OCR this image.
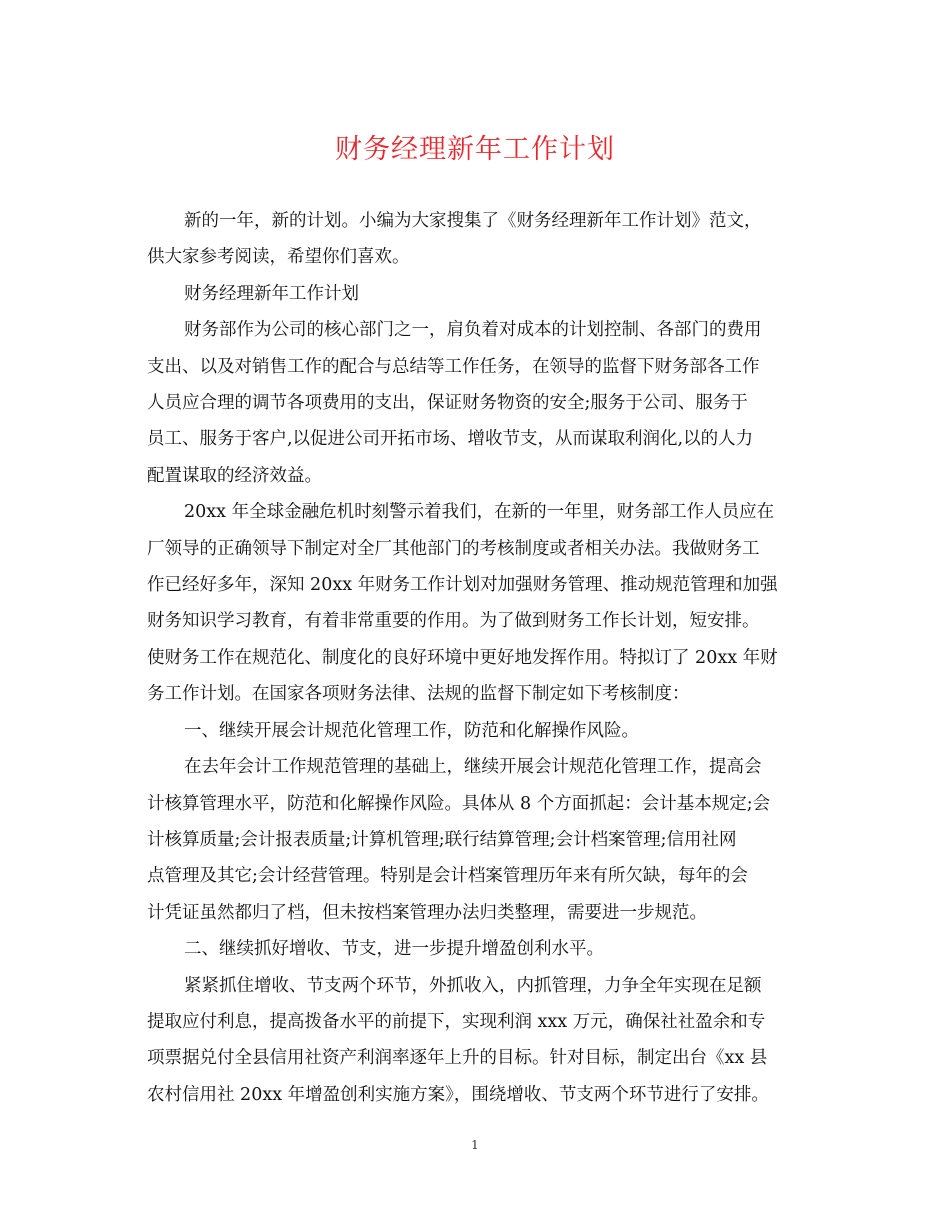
财务经理新年工作计划

新的一年，新的计划。小编为大家搜集了《财务经理新年工作计划》范文，
供大家参考阅读，希望你们喜欢。

财务经理新年工作计划

财务部作为公司的核心部门之一，肩负着对成本的计划控制、各部门的费用
支出、以及对销售工作的配合与总结等工作任务，在领导的监督下财务部各工作
人员应合理的调节各项费用的支出，保证财务物资的安全;服务于公司、服务于
员工、服务于客户,以促进公司开拓市场、增收节支，从而谋取利润化,以的人力
配置谋取的经济效益。

20xx 年全球金融危机时刻警示着我们，在新的一年里，财务部工作人员应在
厂领导的正确领导下制定对全厂其他部门的考核制度或者相关办法。我做财务工
作已经好多年，深知 20xx 年财务工作计划对加强财务管理、推动规范管理和加强
财务知识学习教育，有着非常重要的作用。为了做到财务工作长计划，短安排。
使财务工作在规范化、制度化的良好环境中更好地发挥作用。特拟订了 20xx 年财
务工作计划。在国家各项财务法律、法规的监督下制定如下考核制度：

一、继续开展会计规范化管理工作，防范和化解操作风险。

在去年会计工作规范管理的基础上，继续开展会计规范化管理工作，提高会
计核算管理水平，防范和化解操作风险。具体从 8 个方面抓起：会计基本规定;会
计核算质量;会计报表质量;计算机管理;联行结算管理;会计档案管理;信用社网
点管理及其它;会计经营管理。特别是会计档案管理历年来有所欠缺，每年的会
计凭证虽然都归了档，但未按档案管理办法归类整理，需要进一步规范。

二、继续抓好增收、节支，进一步提升增盈创利水平。

紧紧抓住增收、节支两个环节，外抓收入，内抓管理，力争全年实现在足额
提取应付利息，提高拨备水平的前提下，实现利润 xxx 万元，确保社社盈余和专
项票据兑付全县信用社资产利润率逐年上升的目标。针对目标，制定出台《xx 县
农村信用社 20xx 年增盈创利实施方案》，围绕增收、节支两个环节进行了安排。

1
